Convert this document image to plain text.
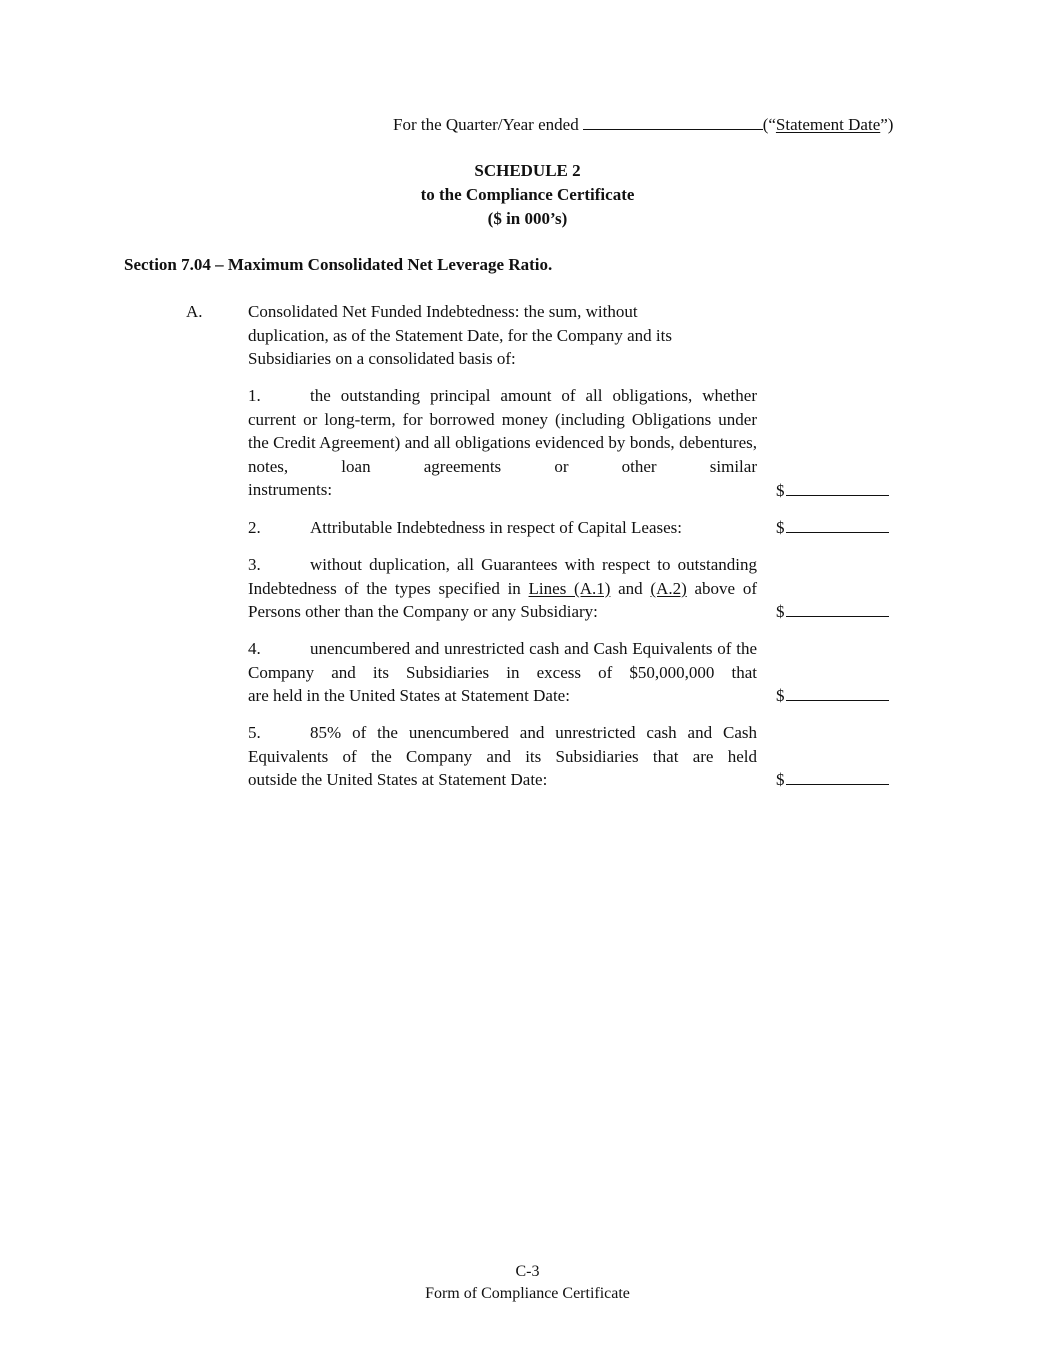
For the Quarter/Year ended	(“Statement Date”)
SCHEDULE 2
to the Compliance Certificate
($ in 000’s)
Section 7.04 – Maximum Consolidated Net Leverage Ratio.
A.	Consolidated Net Funded Indebtedness: the sum, without
duplication, as of the Statement Date, for the Company and its
Subsidiaries on a consolidated basis of:
1.	the outstanding principal amount of all obligations, whether current or long-term, for borrowed money (including Obligations under the Credit Agreement) and all obligations evidenced by bonds, debentures, notes, loan agreements or other similar
instruments:	$
2.	Attributable Indebtedness in respect of Capital Leases:	$
3.	without duplication, all Guarantees with respect to outstanding Indebtedness of the types specified in Lines (A.1) and (A.2) above of Persons other than the Company or any Subsidiary:	$
4.	unencumbered and unrestricted cash and Cash Equivalents of the Company and its Subsidiaries in excess of $50,000,000 that
are held in the United States at Statement Date:	$
5.	85% of the unencumbered and unrestricted cash and Cash Equivalents of the Company and its Subsidiaries that are held
outside the United States at Statement Date:	$
C-3
Form of Compliance Certificate
